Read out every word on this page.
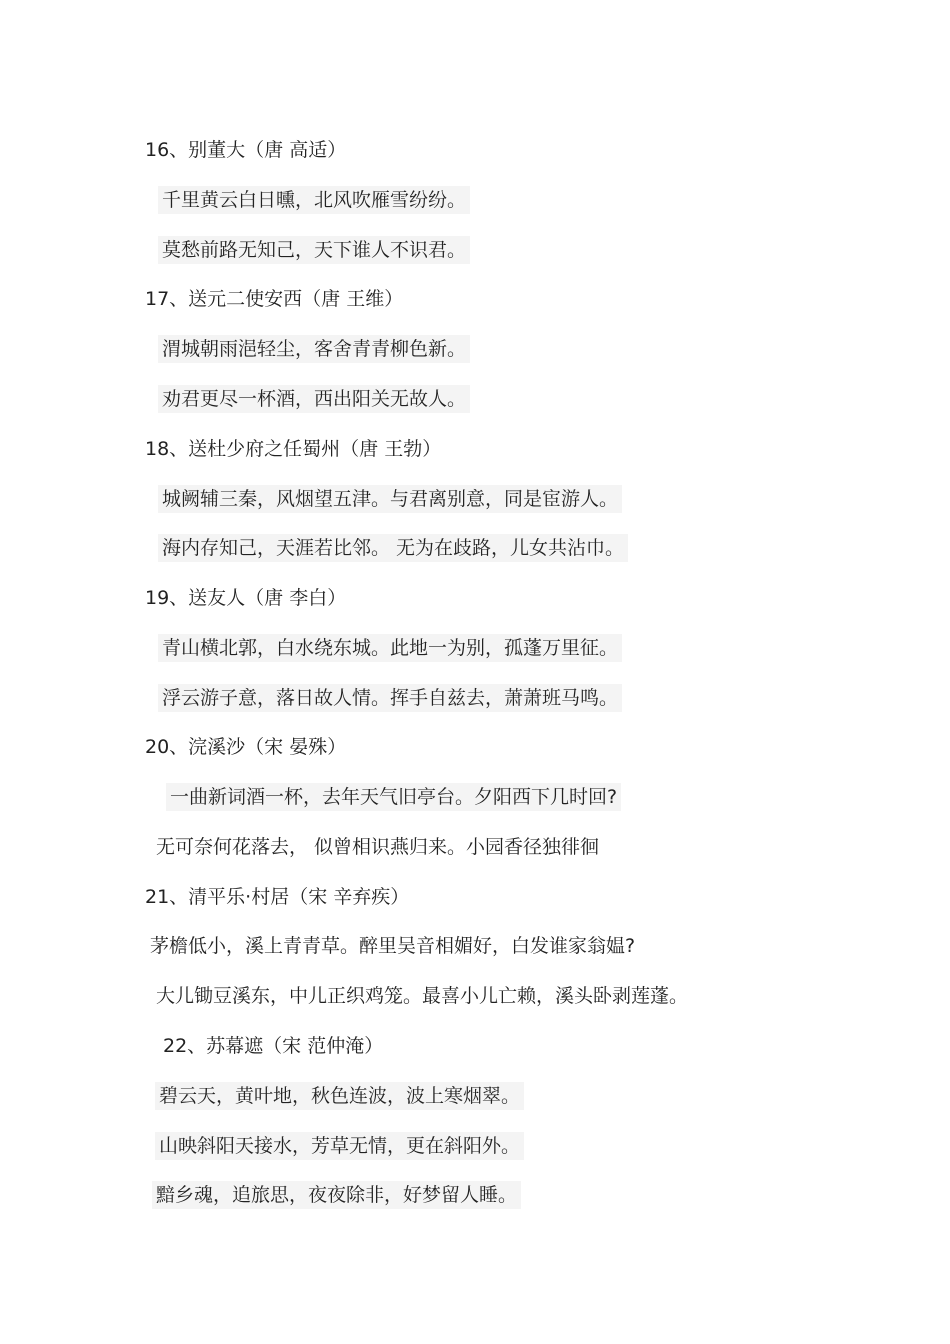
16、别董大（唐 高适）
千里黄云白日曛，北风吹雁雪纷纷。
莫愁前路无知己，天下谁人不识君。
17、送元二使安西（唐 王维）
渭城朝雨浥轻尘，客舍青青柳色新。
劝君更尽一杯酒，西出阳关无故人。
18、送杜少府之任蜀州（唐 王勃）
城阙辅三秦，风烟望五津。与君离别意，同是宦游人。
海内存知己，天涯若比邻。 无为在歧路，儿女共沾巾。
19、送友人（唐 李白）
青山横北郭，白水绕东城。此地一为别，孤蓬万里征。
浮云游子意，落日故人情。挥手自兹去，萧萧班马鸣。
20、浣溪沙（宋 晏殊）
一曲新词酒一杯，去年天气旧亭台。夕阳西下几时回?
无可奈何花落去， 似曾相识燕归来。小园香径独徘徊
21、清平乐·村居（宋 辛弃疾）
茅檐低小，溪上青青草。醉里吴音相媚好，白发谁家翁媪?
大儿锄豆溪东，中儿正织鸡笼。最喜小儿亡赖，溪头卧剥莲蓬。
22、苏幕遮（宋 范仲淹）
碧云天，黄叶地，秋色连波，波上寒烟翠。
山映斜阳天接水，芳草无情，更在斜阳外。
黯乡魂，追旅思，夜夜除非，好梦留人睡。
